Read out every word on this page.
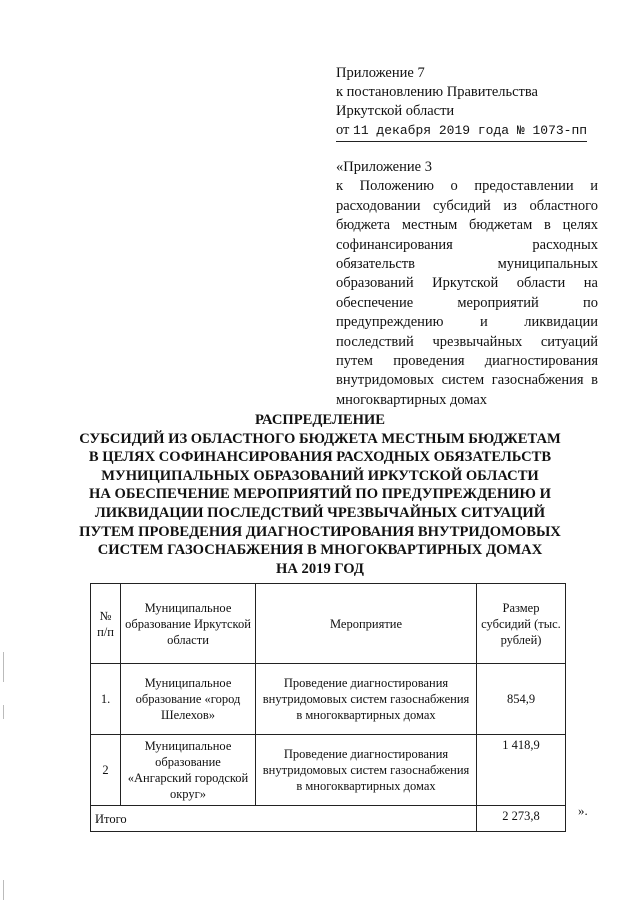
Приложение 7
к постановлению Правительства
Иркутской области
от 11 декабря 2019 года № 1073-пп

«Приложение 3

к Положению о предоставлении и расходовании субсидий из областного бюджета местным бюджетам в целях софинансирования расходных обязательств муниципальных образований Иркутской области на обеспечение мероприятий по предупреждению и ликвидации последствий чрезвычайных ситуаций путем проведения диагностирования внутридомовых систем газоснабжения в многоквартирных домах

РАСПРЕДЕЛЕНИЕ
СУБСИДИЙ ИЗ ОБЛАСТНОГО БЮДЖЕТА МЕСТНЫМ БЮДЖЕТАМ
В ЦЕЛЯХ СОФИНАНСИРОВАНИЯ РАСХОДНЫХ ОБЯЗАТЕЛЬСТВ
МУНИЦИПАЛЬНЫХ ОБРАЗОВАНИЙ ИРКУТСКОЙ ОБЛАСТИ
НА ОБЕСПЕЧЕНИЕ МЕРОПРИЯТИЙ ПО ПРЕДУПРЕЖДЕНИЮ И
ЛИКВИДАЦИИ ПОСЛЕДСТВИЙ ЧРЕЗВЫЧАЙНЫХ СИТУАЦИЙ
ПУТЕМ ПРОВЕДЕНИЯ ДИАГНОСТИРОВАНИЯ ВНУТРИДОМОВЫХ
СИСТЕМ ГАЗОСНАБЖЕНИЯ В МНОГОКВАРТИРНЫХ ДОМАХ
НА 2019 ГОД
№ п/п	Муниципальное образование Иркутской области	Мероприятие	Размер субсидий (тыс. рублей)
1.	Муниципальное образование «город Шелехов»	Проведение диагностирования внутридомовых систем газоснабжения в многоквартирных домах	854,9
2	Муниципальное образование «Ангарский городской округ»	Проведение диагностирования внутридомовых систем газоснабжения в многоквартирных домах	1 418,9
Итого			2 273,8	».
